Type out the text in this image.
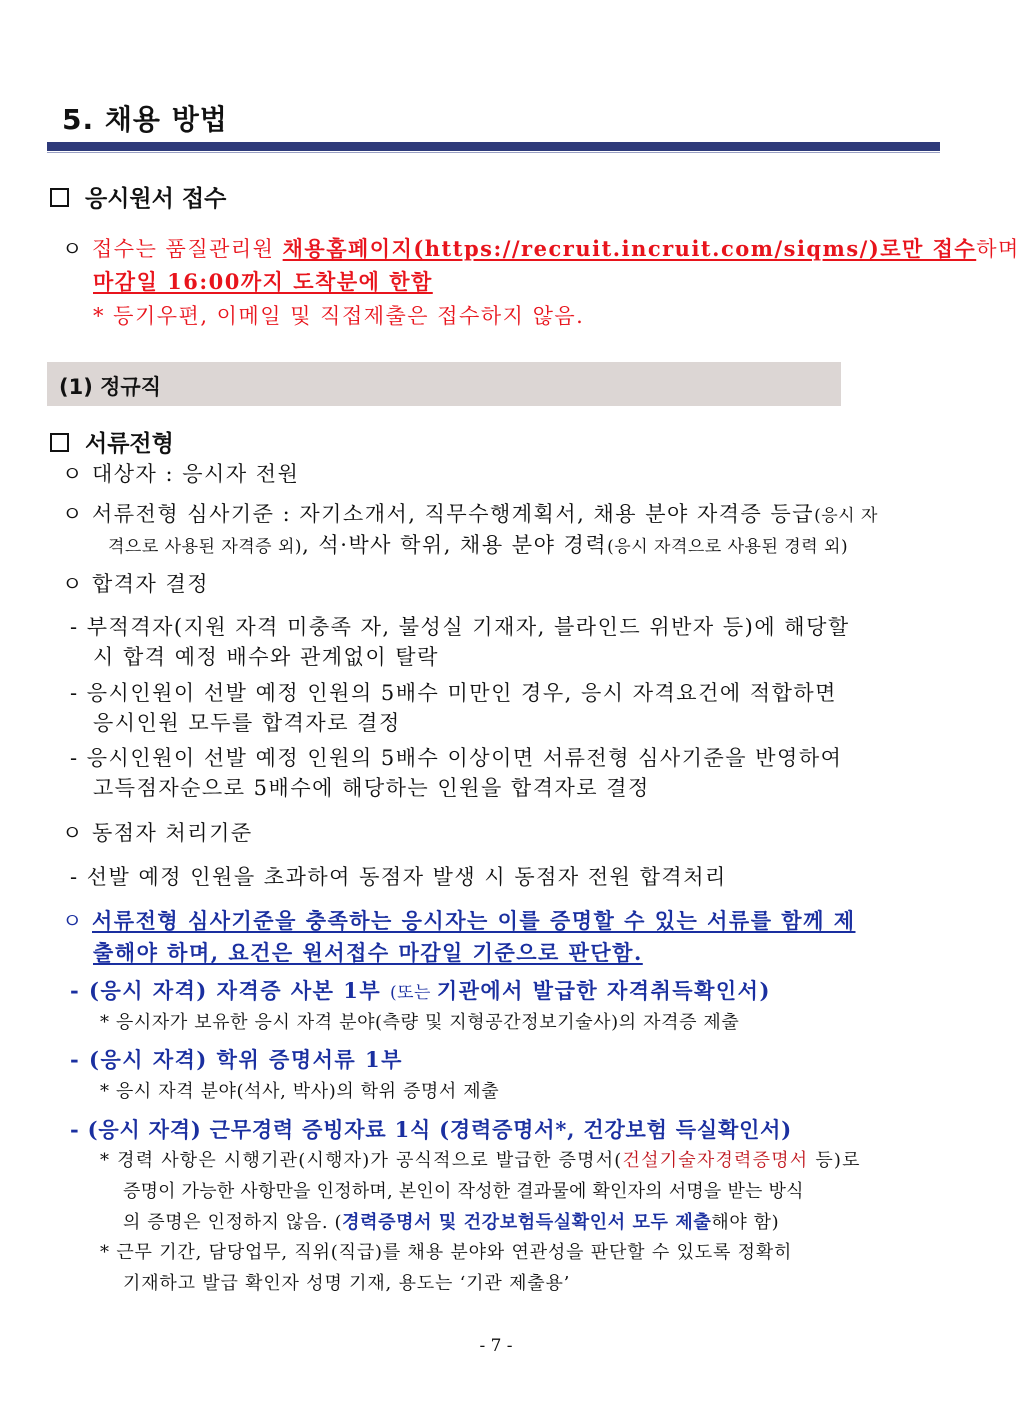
5. 채용 방법
응시원서 접수
ㅇ 접수는 품질관리원 채용홈페이지(https://recruit.incruit.com/siqms/)로만 접수하며
마감일 16:00까지 도착분에 한함
* 등기우편, 이메일 및 직접제출은 접수하지 않음.
(1) 정규직
서류전형
ㅇ 대상자 : 응시자 전원
ㅇ 서류전형 심사기준 : 자기소개서, 직무수행계획서, 채용 분야 자격증 등급(응시 자
격으로 사용된 자격증 외), 석·박사 학위, 채용 분야 경력(응시 자격으로 사용된 경력 외)
ㅇ 합격자 결정
- 부적격자(지원 자격 미충족 자, 불성실 기재자, 블라인드 위반자 등)에 해당할
시 합격 예정 배수와 관계없이 탈락
- 응시인원이 선발 예정 인원의 5배수 미만인 경우, 응시 자격요건에 적합하면
응시인원 모두를 합격자로 결정
- 응시인원이 선발 예정 인원의 5배수 이상이면 서류전형 심사기준을 반영하여
고득점자순으로 5배수에 해당하는 인원을 합격자로 결정
ㅇ 동점자 처리기준
- 선발 예정 인원을 초과하여 동점자 발생 시 동점자 전원 합격처리
ㅇ 서류전형 심사기준을 충족하는 응시자는 이를 증명할 수 있는 서류를 함께 제
출해야 하며, 요건은 원서접수 마감일 기준으로 판단함.
- (응시 자격) 자격증 사본 1부 (또는 기관에서 발급한 자격취득확인서)
* 응시자가 보유한 응시 자격 분야(측량 및 지형공간정보기술사)의 자격증 제출
- (응시 자격) 학위 증명서류 1부
* 응시 자격 분야(석사, 박사)의 학위 증명서 제출
- (응시 자격) 근무경력 증빙자료 1식 (경력증명서*, 건강보험 득실확인서)
* 경력 사항은 시행기관(시행자)가 공식적으로 발급한 증명서(건설기술자경력증명서 등)로
증명이 가능한 사항만을 인정하며, 본인이 작성한 결과물에 확인자의 서명을 받는 방식
의 증명은 인정하지 않음. (경력증명서 및 건강보험득실확인서 모두 제출해야 함)
* 근무 기간, 담당업무, 직위(직급)를 채용 분야와 연관성을 판단할 수 있도록 정확히
기재하고 발급 확인자 성명 기재, 용도는 ‘기관 제출용’
- 7 -
